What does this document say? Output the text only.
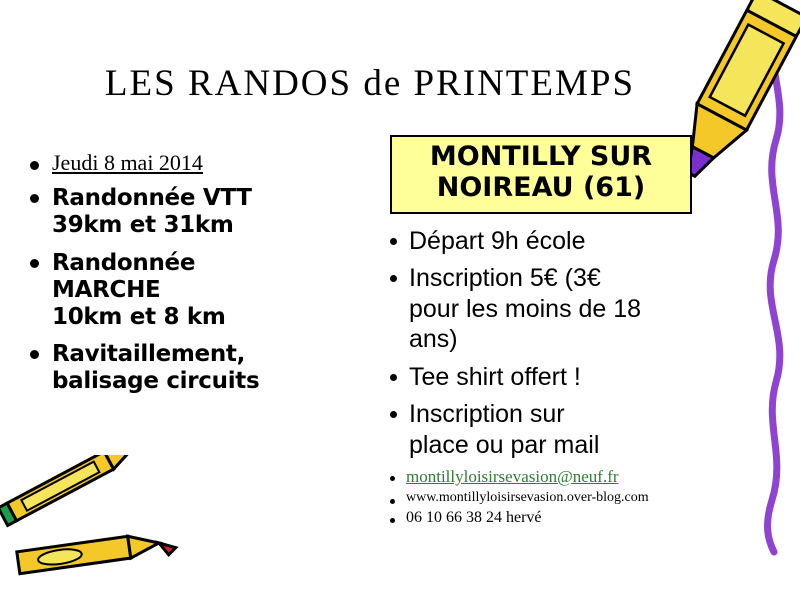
LES RANDOS de PRINTEMPS
Jeudi 8 mai 2014
Randonnée VTT
39km et 31km
Randonnée
MARCHE
10km et 8 km
Ravitaillement,
balisage circuits
MONTILLY SUR
NOIREAU (61)
Départ 9h école
Inscription 5€ (3€
pour les moins de 18
ans)
Tee shirt offert !
Inscription sur
place ou par mail
montillyloisirsevasion@neuf.fr
www.montillyloisirsevasion.over-blog.com
06 10 66 38 24 hervé
